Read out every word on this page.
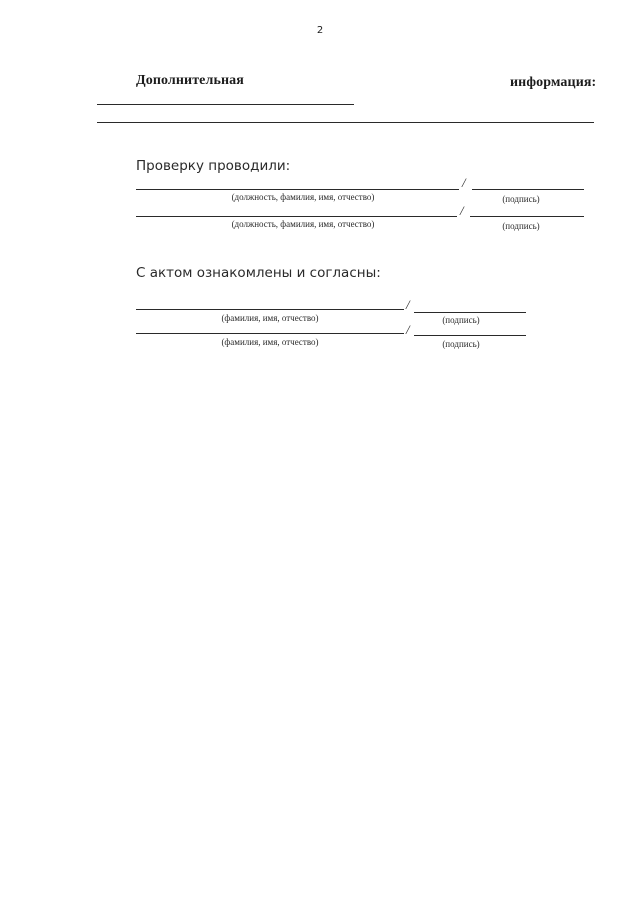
2
Дополнительная	информация:
Проверку проводили:
/
(должность, фамилия, имя, отчество)	(подпись)
/
(должность, фамилия, имя, отчество)	(подпись)
С актом ознакомлены и согласны:
/
(фамилия, имя, отчество)	(подпись)
/
(фамилия, имя, отчество)	(подпись)
